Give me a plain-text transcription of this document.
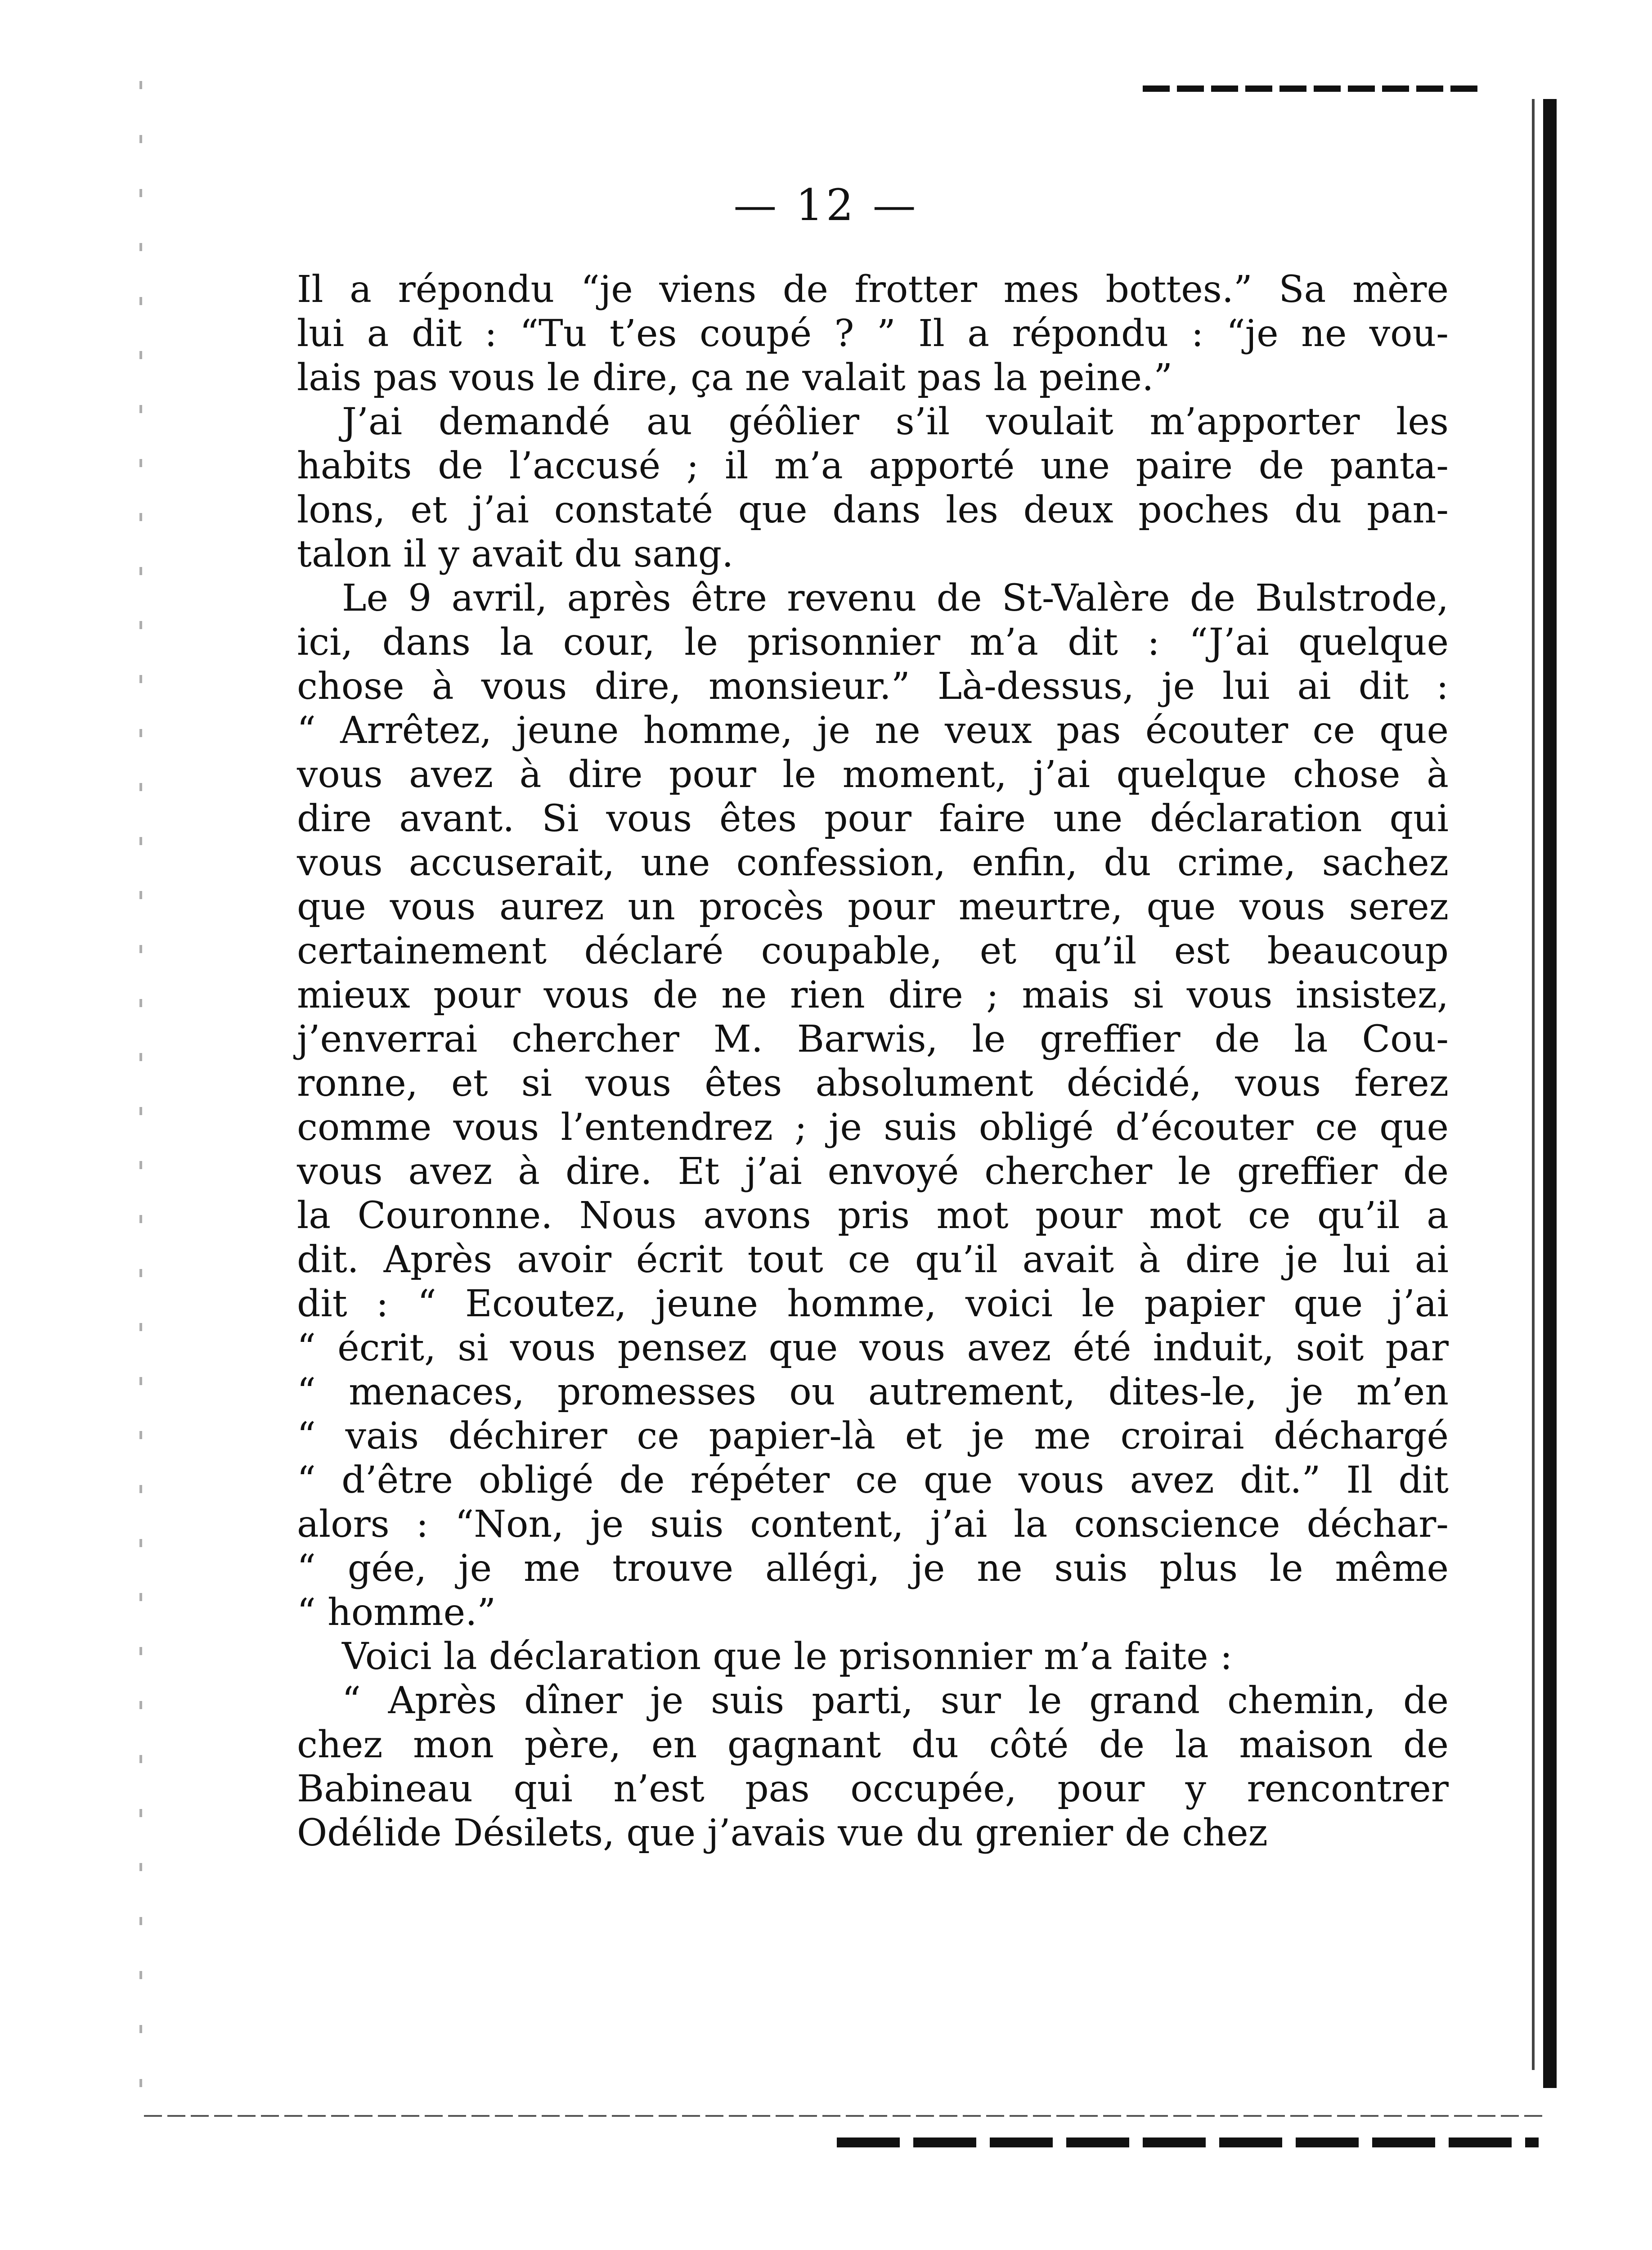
— 12 —

Il a répondu “je viens de frotter mes bottes.” Sa mère
lui a dit : “Tu t’es coupé ? ” Il a répondu : “je ne vou-
lais pas vous le dire, ça ne valait pas la peine.”

J’ai demandé au géôlier s’il voulait m’apporter les
habits de l’accusé ; il m’a apporté une paire de panta-
lons, et j’ai constaté que dans les deux poches du pan-
talon il y avait du sang.

Le 9 avril, après être revenu de St-Valère de Bulstrode,
ici, dans la cour, le prisonnier m’a dit : “J’ai quelque
chose à vous dire, monsieur.” Là-dessus, je lui ai dit :
“ Arrêtez, jeune homme, je ne veux pas écouter ce que
vous avez à dire pour le moment, j’ai quelque chose à
dire avant. Si vous êtes pour faire une déclaration qui
vous accuserait, une confession, enfin, du crime, sachez
que vous aurez un procès pour meurtre, que vous serez
certainement déclaré coupable, et qu’il est beaucoup
mieux pour vous de ne rien dire ; mais si vous insistez,
j’enverrai chercher M. Barwis, le greffier de la Cou-
ronne, et si vous êtes absolument décidé, vous ferez
comme vous l’entendrez ; je suis obligé d’écouter ce que
vous avez à dire. Et j’ai envoyé chercher le greffier de
la Couronne. Nous avons pris mot pour mot ce qu’il a
dit. Après avoir écrit tout ce qu’il avait à dire je lui ai
dit : “ Ecoutez, jeune homme, voici le papier que j’ai
“ écrit, si vous pensez que vous avez été induit, soit par
“ menaces, promesses ou autrement, dites-le, je m’en
“ vais déchirer ce papier-là et je me croirai déchargé
“ d’être obligé de répéter ce que vous avez dit.” Il dit
alors : “Non, je suis content, j’ai la conscience déchar-
“ gée, je me trouve allégi, je ne suis plus le même
“ homme.”

Voici la déclaration que le prisonnier m’a faite :

“ Après dîner je suis parti, sur le grand chemin, de
chez mon père, en gagnant du côté de la maison de
Babineau qui n’est pas occupée, pour y rencontrer
Odélide Désilets, que j’avais vue du grenier de chez
